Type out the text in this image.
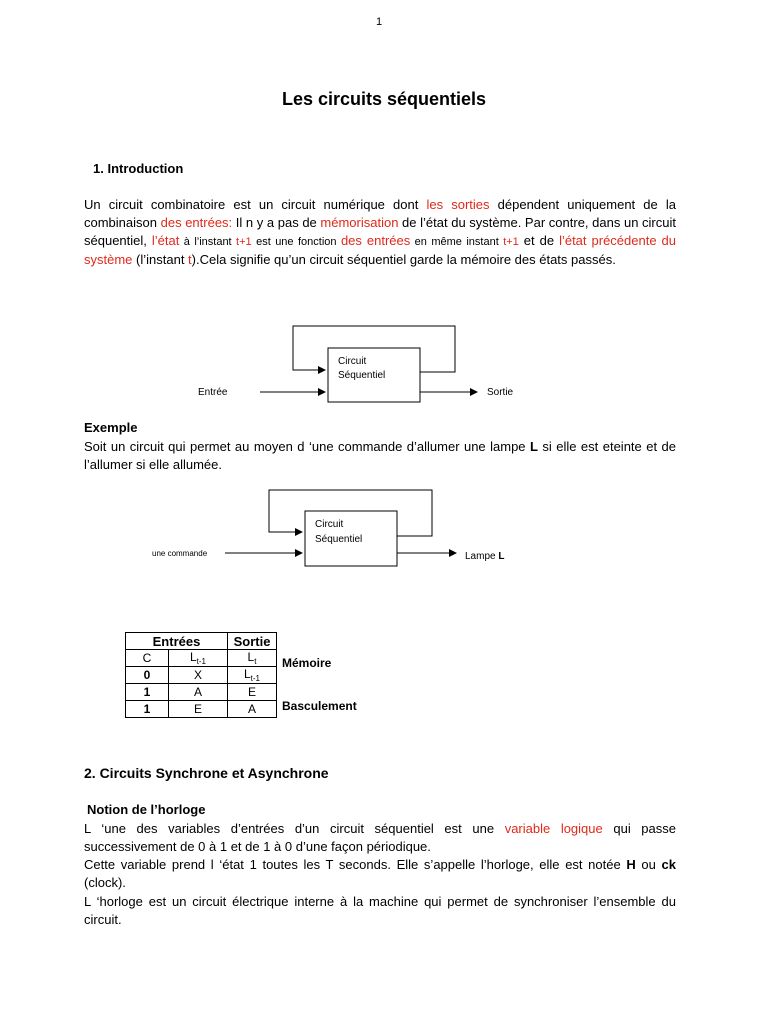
1
Les circuits séquentiels
1. Introduction
Un circuit combinatoire est un circuit numérique dont les sorties dépendent uniquement de la combinaison des entrées: Il n y a pas de mémorisation de l’état du système. Par contre, dans un circuit séquentiel, l’état à l’instant t+1 est une fonction des entrées en même instant t+1 et de l’état précédente du système (l’instant t).Cela signifie qu’un circuit séquentiel garde la mémoire des états passés.
Circuit
Séquentiel
Entrée	Sortie
Exemple
Soit un circuit qui permet au moyen d ‘une commande d’allumer une lampe L si elle est eteinte et de l’allumer si elle allumée.
Circuit
Séquentiel
une commande	Lampe L
Entrées		Sortie
C	$L_{t-1}$	$L_t$
0	X	$L_{t-1}$
1	A	E
1	E	A
Mémoire
Basculement
2. Circuits Synchrone et Asynchrone
Notion de l’horloge
L ‘une des variables d’entrées d’un circuit séquentiel est une variable logique qui passe successivement de 0 à 1 et de 1 à 0 d’une façon périodique.
Cette variable prend l ‘état 1 toutes les T seconds. Elle s’appelle l’horloge, elle est notée H ou ck (clock).
L ‘horloge est un circuit électrique interne à la machine qui permet de synchroniser l’ensemble du circuit.
